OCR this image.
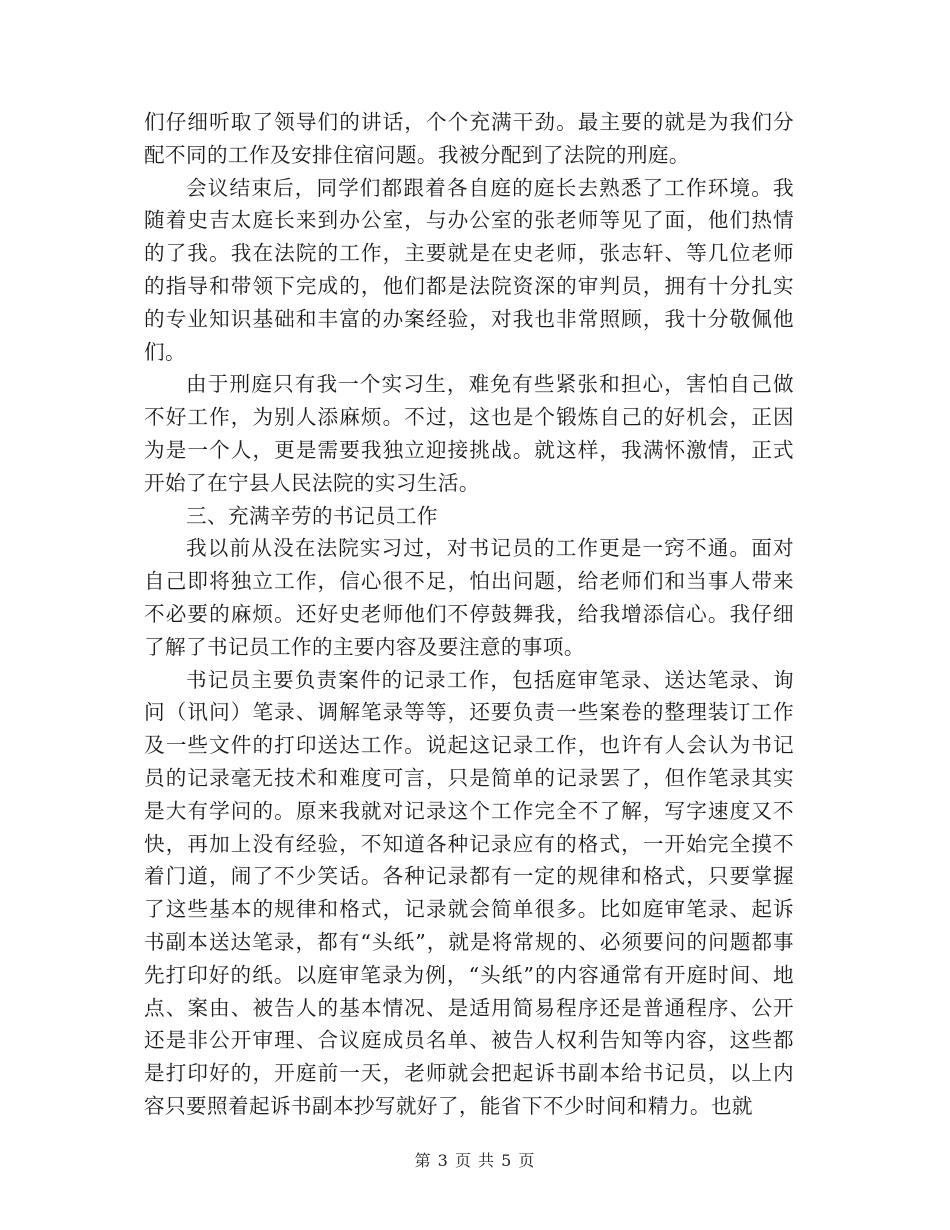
们仔细听取了领导们的讲话，个个充满干劲。最主要的就是为我们分配不同的工作及安排住宿问题。我被分配到了法院的刑庭。

会议结束后，同学们都跟着各自庭的庭长去熟悉了工作环境。我随着史吉太庭长来到办公室，与办公室的张老师等见了面，他们热情的了我。我在法院的工作，主要就是在史老师，张志轩、等几位老师的指导和带领下完成的，他们都是法院资深的审判员，拥有十分扎实的专业知识基础和丰富的办案经验，对我也非常照顾，我十分敬佩他们。

由于刑庭只有我一个实习生，难免有些紧张和担心，害怕自己做不好工作，为别人添麻烦。不过，这也是个锻炼自己的好机会，正因为是一个人，更是需要我独立迎接挑战。就这样，我满怀激情，正式开始了在宁县人民法院的实习生活。

三、充满辛劳的书记员工作

我以前从没在法院实习过，对书记员的工作更是一窍不通。面对自己即将独立工作，信心很不足，怕出问题，给老师们和当事人带来不必要的麻烦。还好史老师他们不停鼓舞我，给我增添信心。我仔细了解了书记员工作的主要内容及要注意的事项。

书记员主要负责案件的记录工作，包括庭审笔录、送达笔录、询问（讯问）笔录、调解笔录等等，还要负责一些案卷的整理装订工作及一些文件的打印送达工作。说起这记录工作，也许有人会认为书记员的记录毫无技术和难度可言，只是简单的记录罢了，但作笔录其实是大有学问的。原来我就对记录这个工作完全不了解，写字速度又不快，再加上没有经验，不知道各种记录应有的格式，一开始完全摸不着门道，闹了不少笑话。各种记录都有一定的规律和格式，只要掌握了这些基本的规律和格式，记录就会简单很多。比如庭审笔录、起诉书副本送达笔录，都有“头纸”，就是将常规的、必须要问的问题都事先打印好的纸。以庭审笔录为例，“头纸”的内容通常有开庭时间、地点、案由、被告人的基本情况、是适用简易程序还是普通程序、公开还是非公开审理、合议庭成员名单、被告人权利告知等内容，这些都是打印好的，开庭前一天，老师就会把起诉书副本给书记员，以上内容只要照着起诉书副本抄写就好了，能省下不少时间和精力。也就

第 3 页 共 5 页
